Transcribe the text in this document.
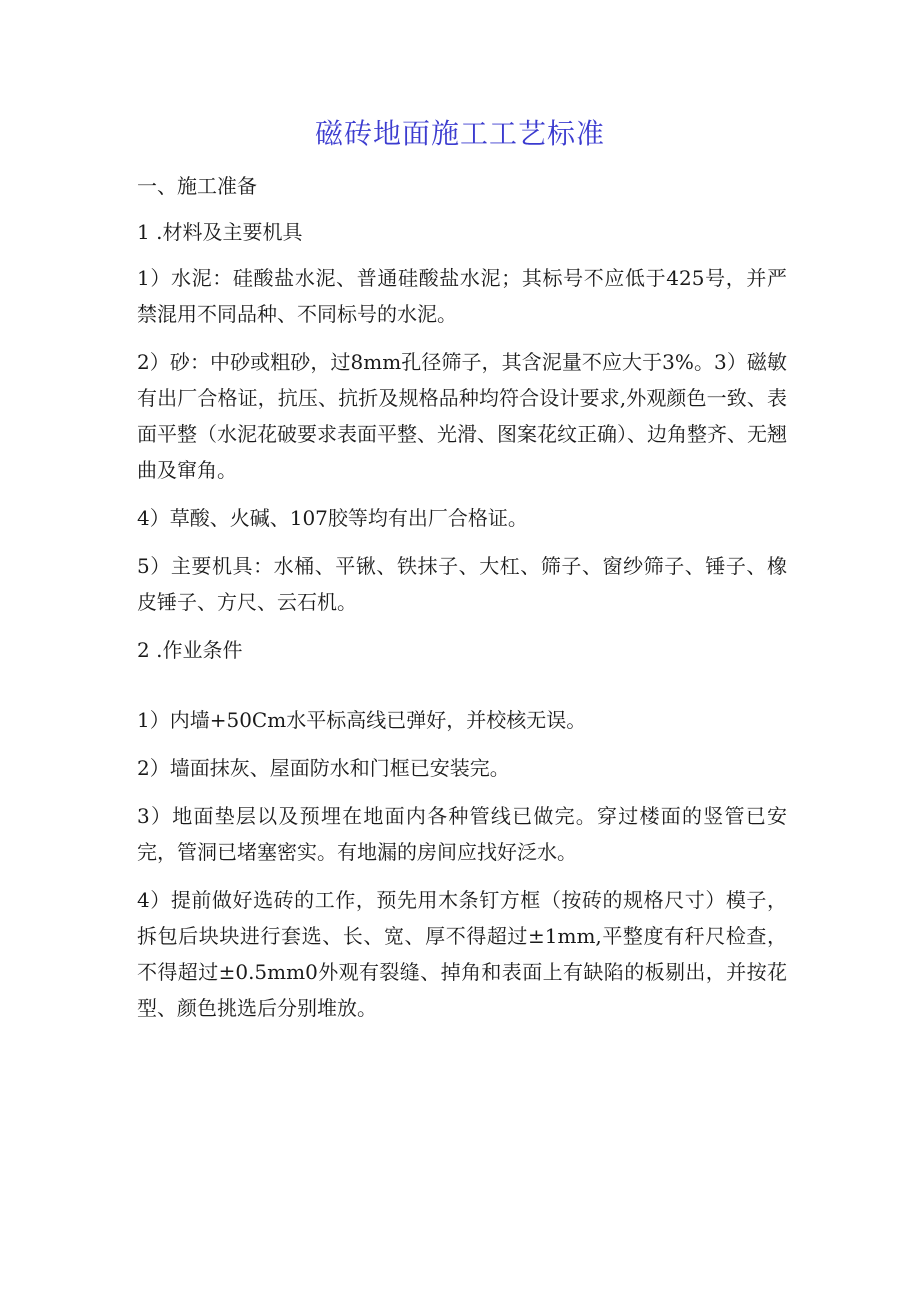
磁砖地面施工工艺标准

一、施工准备

1 .材料及主要机具

1）水泥：硅酸盐水泥、普通硅酸盐水泥；其标号不应低于425号，并严禁混用不同品种、不同标号的水泥。

2）砂：中砂或粗砂，过8mm孔径筛子，其含泥量不应大于3%。3）磁敏有出厂合格证，抗压、抗折及规格品种均符合设计要求,外观颜色一致、表面平整（水泥花破要求表面平整、光滑、图案花纹正确）、边角整齐、无翘曲及窜角。

4）草酸、火碱、107胶等均有出厂合格证。

5）主要机具：水桶、平锹、铁抹子、大杠、筛子、窗纱筛子、锤子、橡皮锤子、方尺、云石机。

2 .作业条件

1）内墙+50Cm水平标高线已弹好，并校核无误。

2）墙面抹灰、屋面防水和门框已安装完。

3）地面垫层以及预埋在地面内各种管线已做完。穿过楼面的竖管已安完，管洞已堵塞密实。有地漏的房间应找好泛水。

4）提前做好选砖的工作，预先用木条钉方框（按砖的规格尺寸）模子，拆包后块块进行套选、长、宽、厚不得超过±1mm,平整度有秆尺检查，不得超过±0.5mm0外观有裂缝、掉角和表面上有缺陷的板剔出，并按花型、颜色挑选后分别堆放。
